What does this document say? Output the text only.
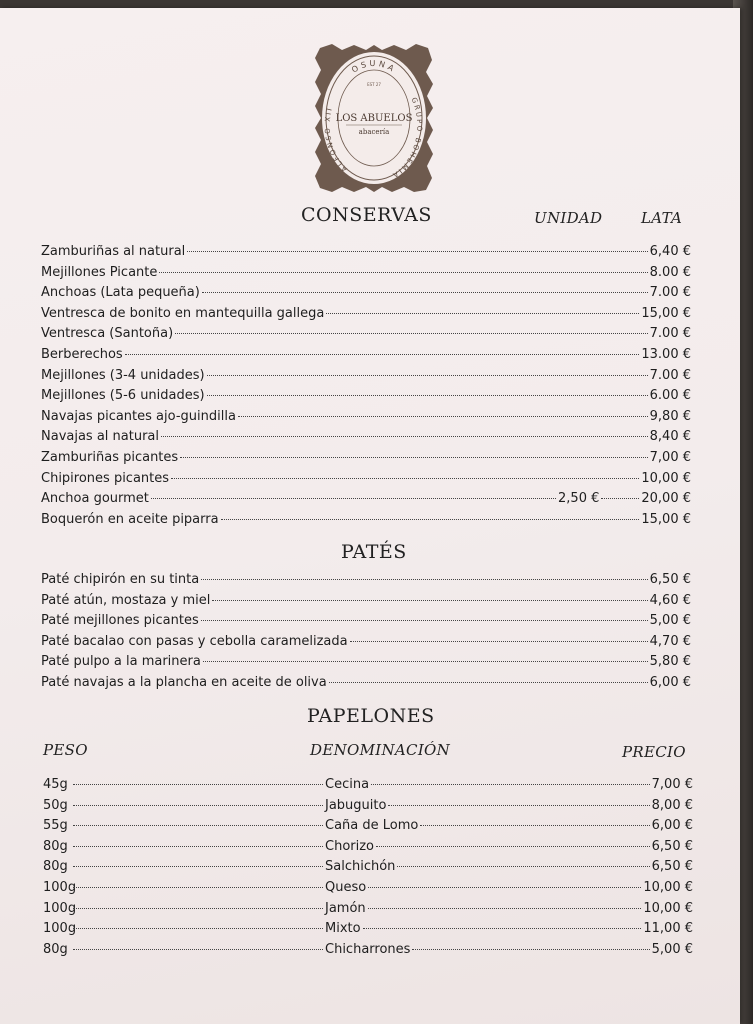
OSUNA
ALFONSO XII
GRUPO BOHEMIA
EST 27
LOS ABUELOS
abacería
CONSERVAS	UNIDAD	LATA
Zamburiñas al natural	6,40 €
Mejillones Picante	8.00 €
Anchoas (Lata pequeña)	7.00 €
Ventresca de bonito en mantequilla gallega	15,00 €
Ventresca (Santoña)	7.00 €
Berberechos	13.00 €
Mejillones (3-4 unidades)	7.00 €
Mejillones (5-6 unidades)	6.00 €
Navajas picantes ajo-guindilla	9,80 €
Navajas al natural	8,40 €
Zamburiñas picantes	7,00 €
Chipirones picantes	10,00 €
Anchoa gourmet	2,50 €	20,00 €
Boquerón en aceite piparra	15,00 €
PATÉS
Paté chipirón en su tinta	6,50 €
Paté atún, mostaza y miel	4,60 €
Paté mejillones picantes	5,00 €
Paté bacalao con pasas y cebolla caramelizada	4,70 €
Paté pulpo a la marinera	5,80 €
Paté navajas a la plancha en aceite de oliva	6,00 €
PAPELONES
PESO	DENOMINACIÓN	PRECIO
45g	Cecina	7,00 €
50g	Jabuguito	8,00 €
55g	Caña de Lomo	6,00 €
80g	Chorizo	6,50 €
80g	Salchichón	6,50 €
100g	Queso	10,00 €
100g	Jamón	10,00 €
100g	Mixto	11,00 €
80g	Chicharrones	5,00 €
